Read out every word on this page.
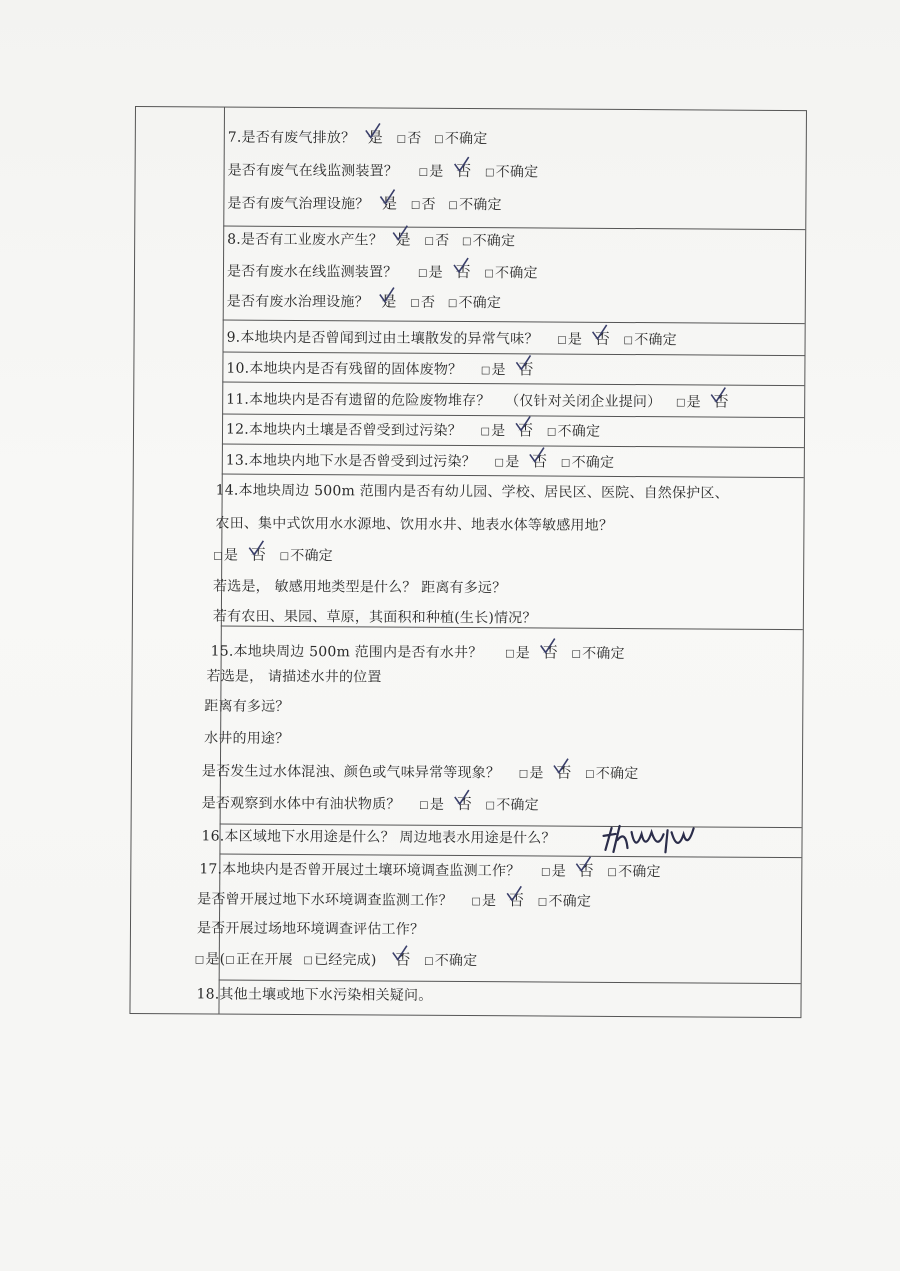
7.是否有废气排放？ 是 □否 □不确定
是否有废气在线监测装置？ □是 否 □不确定
是否有废气治理设施？ 是 □否 □不确定
8.是否有工业废水产生？ 是 □否 □不确定
是否有废水在线监测装置？ □是 否 □不确定
是否有废水治理设施？ 是 □否 □不确定
9.本地块内是否曾闻到过由土壤散发的异常气味？ □是 否 □不确定
10.本地块内是否有残留的固体废物？ □是 否
11.本地块内是否有遗留的危险废物堆存？ （仅针对关闭企业提问） □是 否
12.本地块内土壤是否曾受到过污染？ □是 否 □不确定
13.本地块内地下水是否曾受到过污染？ □是 否 □不确定
14.本地块周边 500m 范围内是否有幼儿园、学校、居民区、医院、自然保护区、
农田、集中式饮用水水源地、饮用水井、地表水体等敏感用地？
□是 否 □不确定
若选是， 敏感用地类型是什么？ 距离有多远？
若有农田、果园、草原，其面积和种植(生长)情况？
15.本地块周边 500m 范围内是否有水井？ □是 否 □不确定
若选是， 请描述水井的位置
距离有多远？
水井的用途？
是否发生过水体混浊、颜色或气味异常等现象？ □是 否 □不确定
是否观察到水体中有油状物质？ □是 否 □不确定
16.本区域地下水用途是什么？ 周边地表水用途是什么？
17.本地块内是否曾开展过土壤环境调查监测工作？ □是 否 □不确定
是否曾开展过地下水环境调查监测工作？ □是 否 □不确定
是否开展过场地环境调查评估工作？
□是(□正在开展 □已经完成) 否 □不确定
18.其他土壤或地下水污染相关疑问。
